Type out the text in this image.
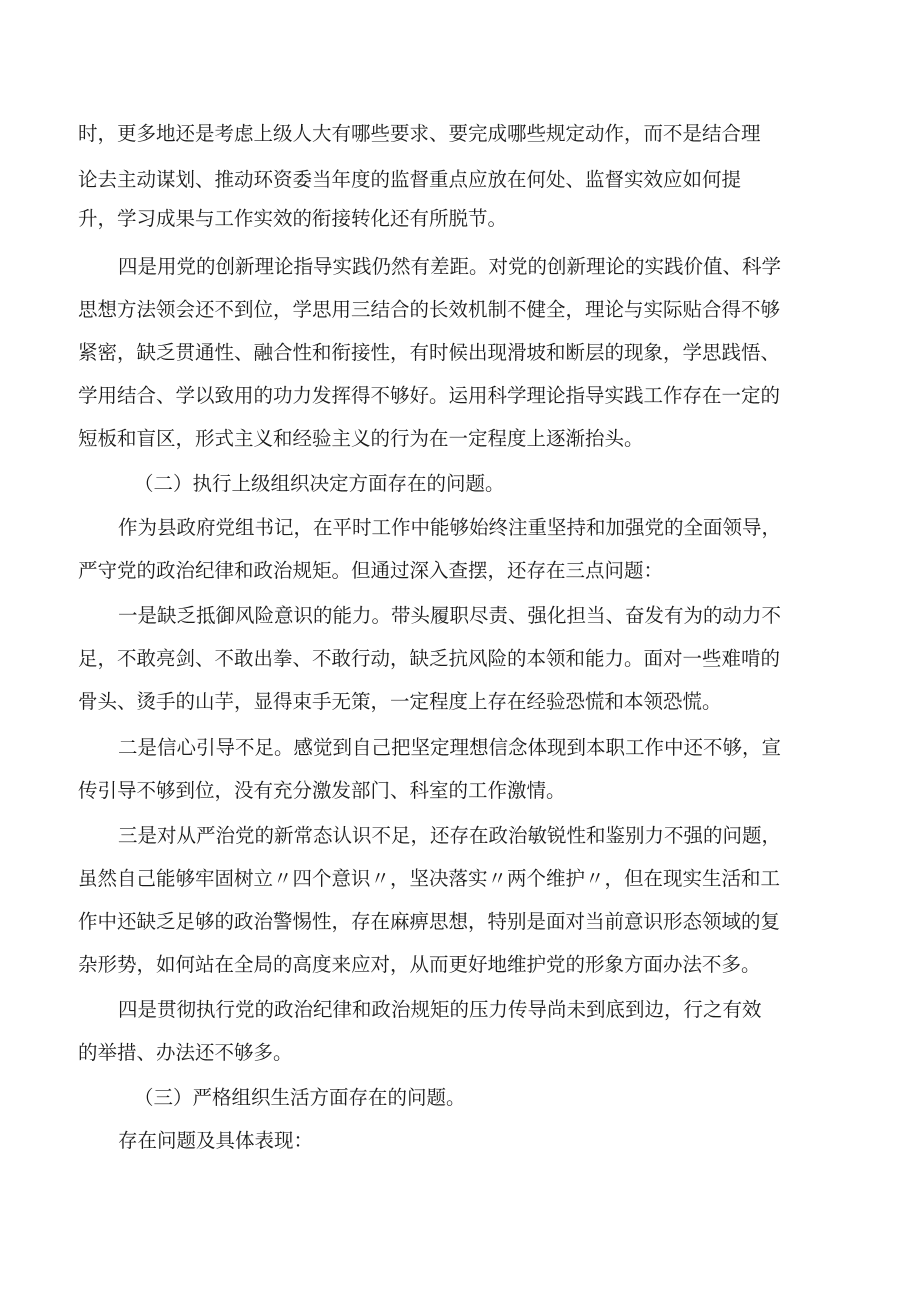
时，更多地还是考虑上级人大有哪些要求、要完成哪些规定动作，而不是结合理
论去主动谋划、推动环资委当年度的监督重点应放在何处、监督实效应如何提
升，学习成果与工作实效的衔接转化还有所脱节。
四是用党的创新理论指导实践仍然有差距。对党的创新理论的实践价值、科学
思想方法领会还不到位，学思用三结合的长效机制不健全，理论与实际贴合得不够
紧密，缺乏贯通性、融合性和衔接性，有时候出现滑坡和断层的现象，学思践悟、
学用结合、学以致用的功力发挥得不够好。运用科学理论指导实践工作存在一定的
短板和盲区，形式主义和经验主义的行为在一定程度上逐渐抬头。
（二）执行上级组织决定方面存在的问题。
作为县政府党组书记，在平时工作中能够始终注重坚持和加强党的全面领导，
严守党的政治纪律和政治规矩。但通过深入查摆，还存在三点问题：
一是缺乏抵御风险意识的能力。带头履职尽责、强化担当、奋发有为的动力不
足，不敢亮剑、不敢出拳、不敢行动，缺乏抗风险的本领和能力。面对一些难啃的
骨头、烫手的山芋，显得束手无策，一定程度上存在经验恐慌和本领恐慌。
二是信心引导不足。感觉到自己把坚定理想信念体现到本职工作中还不够，宣
传引导不够到位，没有充分激发部门、科室的工作激情。
三是对从严治党的新常态认识不足，还存在政治敏锐性和鉴别力不强的问题，
虽然自己能够牢固树立〃四个意识〃，坚决落实〃两个维护〃，但在现实生活和工
作中还缺乏足够的政治警惕性，存在麻痹思想，特别是面对当前意识形态领域的复
杂形势，如何站在全局的高度来应对，从而更好地维护党的形象方面办法不多。
四是贯彻执行党的政治纪律和政治规矩的压力传导尚未到底到边，行之有效
的举措、办法还不够多。
（三）严格组织生活方面存在的问题。
存在问题及具体表现：
